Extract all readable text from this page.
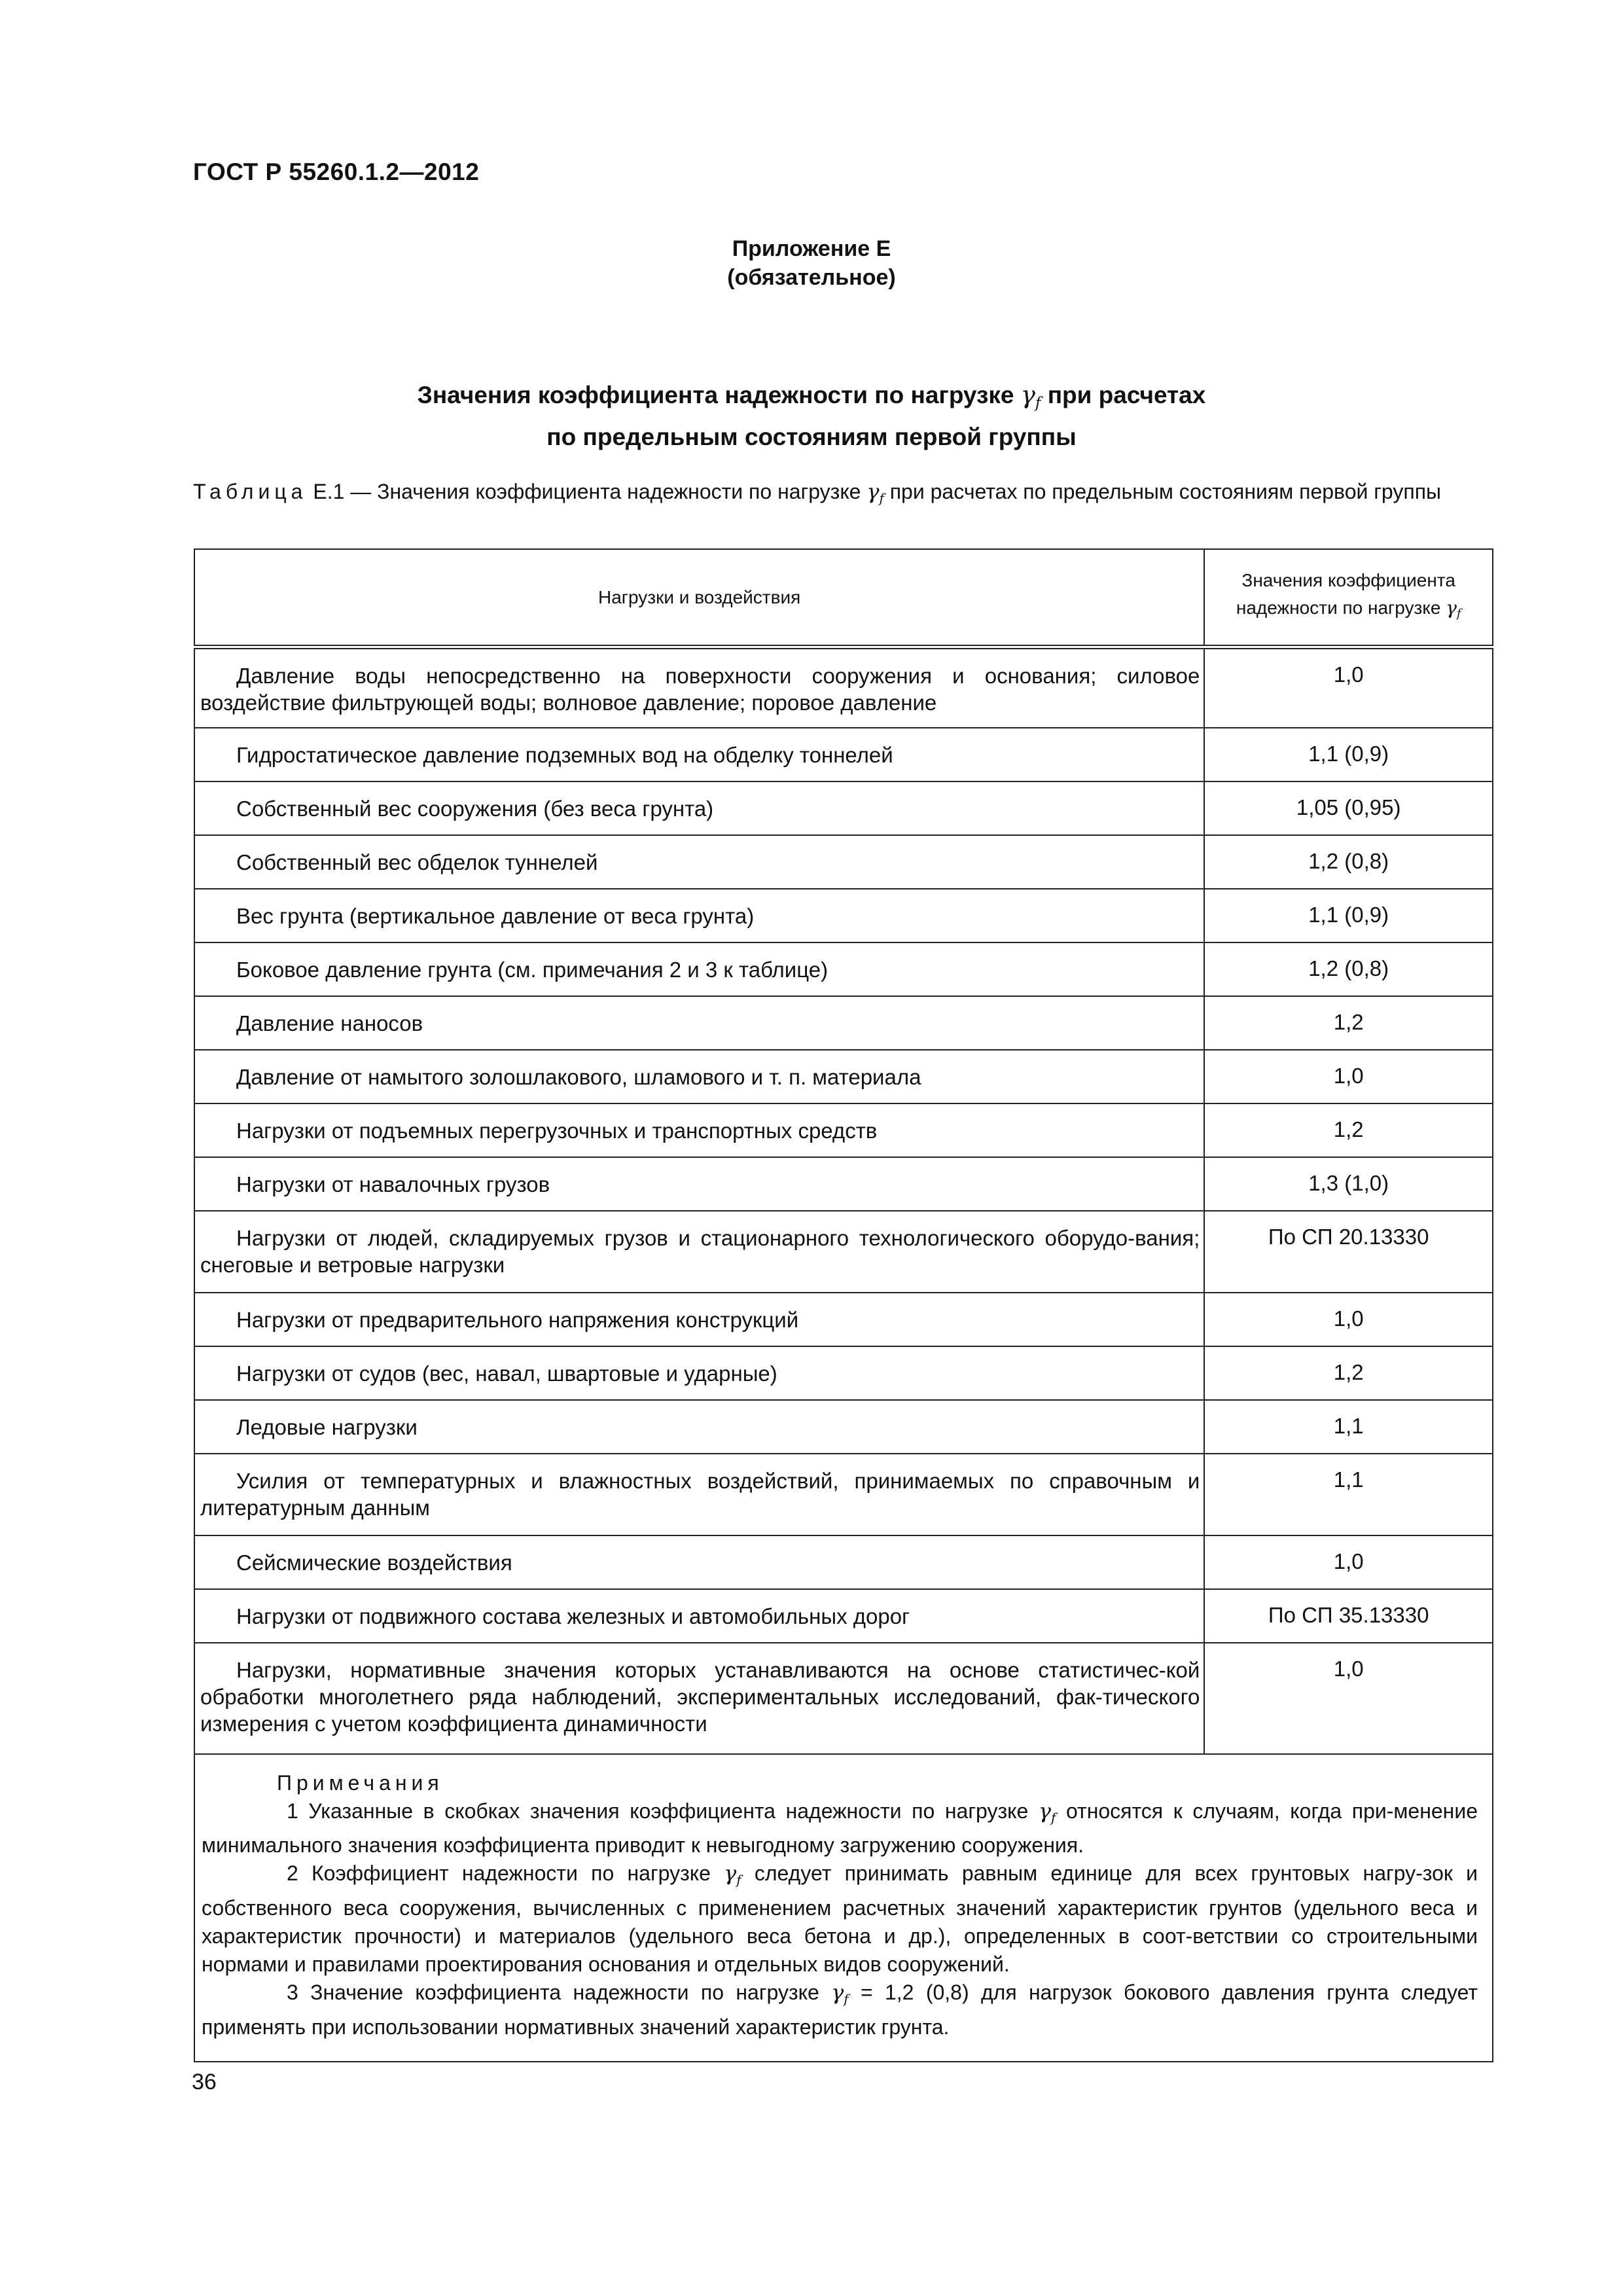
ГОСТ Р 55260.1.2—2012
Приложение Е
(обязательное)
Значения коэффициента надежности по нагрузке $\gamma_f$ при расчетах
по предельным состояниям первой группы
Таблица Е.1 — Значения коэффициента надежности по нагрузке $\gamma_f$ при расчетах по предельным состояниям первой группы
Нагрузки и воздействия	Значения коэффициента
надежности по нагрузке $\gamma_f$

Давление воды непосредственно на поверхности сооружения и основания; силовое воздействие фильтрующей воды; волновое давление; поровое давление	1,0
Гидростатическое давление подземных вод на обделку тоннелей	1,1 (0,9)
Собственный вес сооружения (без веса грунта)	1,05 (0,95)
Собственный вес обделок туннелей	1,2 (0,8)
Вес грунта (вертикальное давление от веса грунта)	1,1 (0,9)
Боковое давление грунта (см. примечания 2 и 3 к таблице)	1,2 (0,8)
Давление наносов	1,2
Давление от намытого золошлакового, шламового и т. п. материала	1,0
Нагрузки от подъемных перегрузочных и транспортных средств	1,2
Нагрузки от навалочных грузов	1,3 (1,0)
Нагрузки от людей, складируемых грузов и стационарного технологического оборудо-вания; снеговые и ветровые нагрузки	По СП 20.13330
Нагрузки от предварительного напряжения конструкций	1,0
Нагрузки от судов (вес, навал, швартовые и ударные)	1,2
Ледовые нагрузки	1,1
Усилия от температурных и влажностных воздействий, принимаемых по справочным и литературным данным	1,1
Сейсмические воздействия	1,0
Нагрузки от подвижного состава железных и автомобильных дорог	По СП 35.13330
Нагрузки, нормативные значения которых устанавливаются на основе статистичес-кой обработки многолетнего ряда наблюдений, экспериментальных исследований, фак-тического измерения с учетом коэффициента динамичности	1,0

Примечания

1 Указанные в скобках значения коэффициента надежности по нагрузке $\gamma_f$ относятся к случаям, когда при-менение минимального значения коэффициента приводит к невыгодному загружению сооружения.

2 Коэффициент надежности по нагрузке $\gamma_f$ следует принимать равным единице для всех грунтовых нагру-зок и собственного веса сооружения, вычисленных с применением расчетных значений характеристик грунтов (удельного веса и характеристик прочности) и материалов (удельного веса бетона и др.), определенных в соот-ветствии со строительными нормами и правилами проектирования основания и отдельных видов сооружений.

3 Значение коэффициента надежности по нагрузке $\gamma_f = 1,2$ (0,8) для нагрузок бокового давления грунта следует применять при использовании нормативных значений характеристик грунта.	

36
